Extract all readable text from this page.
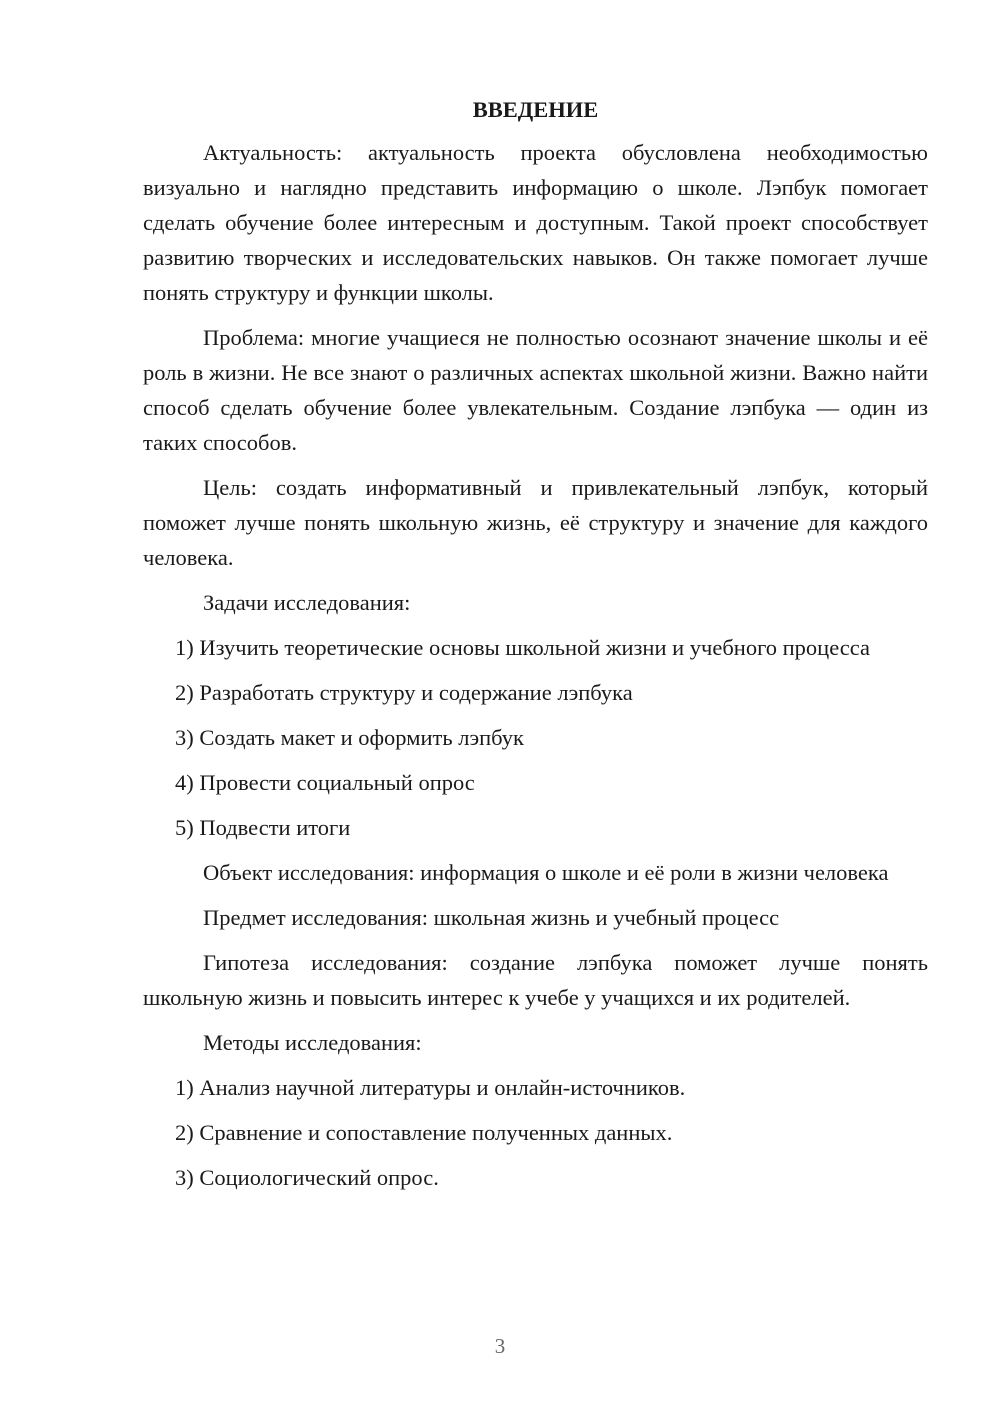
ВВЕДЕНИЕ

Актуальность: актуальность проекта обусловлена необходимостью визуально и наглядно представить информацию о школе. Лэпбук помогает сделать обучение более интересным и доступным. Такой проект способствует развитию творческих и исследовательских навыков. Он также помогает лучше понять структуру и функции школы.

Проблема: многие учащиеся не полностью осознают значение школы и её роль в жизни. Не все знают о различных аспектах школьной жизни. Важно найти способ сделать обучение более увлекательным. Создание лэпбука — один из таких способов.

Цель: создать информативный и привлекательный лэпбук, который поможет лучше понять школьную жизнь, её структуру и значение для каждого человека.

Задачи исследования:

1) Изучить теоретические основы школьной жизни и учебного процесса

2) Разработать структуру и содержание лэпбука

3) Создать макет и оформить лэпбук

4) Провести социальный опрос

5) Подвести итоги

Объект исследования: информация о школе и её роли в жизни человека

Предмет исследования: школьная жизнь и учебный процесс

Гипотеза исследования: создание лэпбука поможет лучше понять школьную жизнь и повысить интерес к учебе у учащихся и их родителей.

Методы исследования:

1) Анализ научной литературы и онлайн-источников.

2) Сравнение и сопоставление полученных данных.

3) Социологический опрос.

3
